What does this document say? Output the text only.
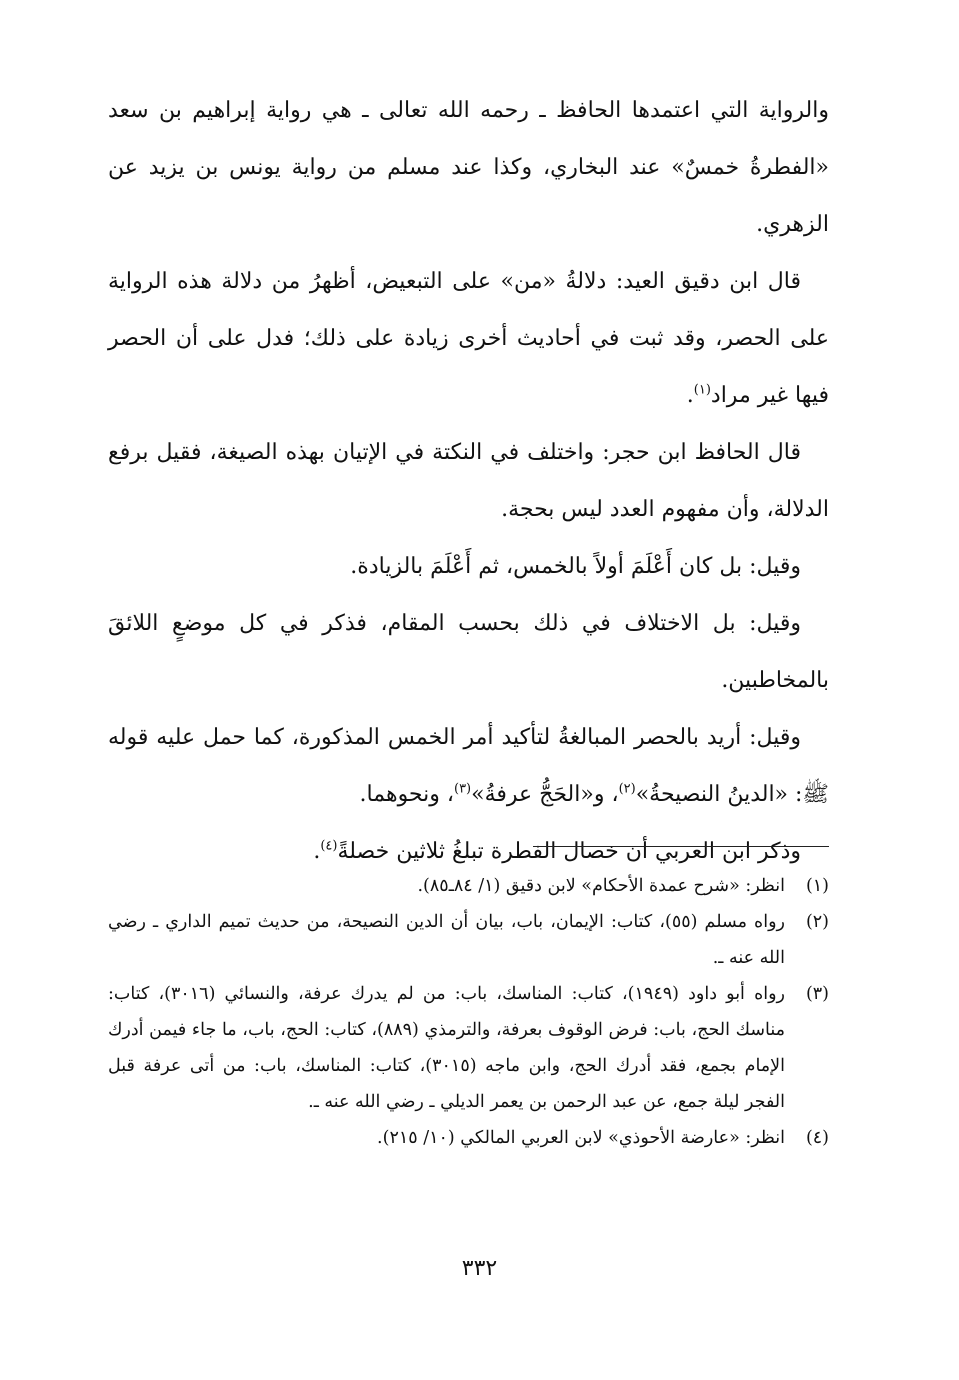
والرواية التي اعتمدها الحافظ ـ رحمه الله تعالى ـ هي رواية إبراهيم بن سعد «الفطرةُ خمسٌ» عند البخاري، وكذا عند مسلم من رواية يونس بن يزيد عن الزهري.

قال ابن دقيق العيد: دلالةُ «من» على التبعيض، أظهرُ من دلالة هذه الرواية على الحصر، وقد ثبت في أحاديث أخرى زيادة على ذلك؛ فدل على أن الحصر فيها غير مراد$^{(١)}$.

قال الحافظ ابن حجر: واختلف في النكتة في الإتيان بهذه الصيغة، فقيل برفع الدلالة، وأن مفهوم العدد ليس بحجة.

وقيل: بل كان أَعْلَمَ أولاً بالخمس، ثم أَعْلَمَ بالزيادة.

وقيل: بل الاختلاف في ذلك بحسب المقام، فذكر في كل موضعٍ اللائقَ بالمخاطبين.

وقيل: أريد بالحصر المبالغةُ لتأكيد أمر الخمس المذكورة، كما حمل عليه قوله ﷺ: «الدينُ النصيحةُ»$^{(٢)}$، و«الحَجُّ عرفةُ»$^{(٣)}$، ونحوهما.

وذكر ابن العربي أن خصال الفطرة تبلغُ ثلاثين خصلةً$^{(٤)}$.

(١)
انظر: «شرح عمدة الأحكام» لابن دقيق (١/ ٨٤ـ٨٥).
(٢)
رواه مسلم (٥٥)، كتاب: الإيمان، باب، بيان أن الدين النصيحة، من حديث تميم الداري ـ رضي الله عنه ـ.
(٣)
رواه أبو داود (١٩٤٩)، كتاب: المناسك، باب: من لم يدرك عرفة، والنسائي (٣٠١٦)، كتاب: مناسك الحج، باب: فرض الوقوف بعرفة، والترمذي (٨٨٩)، كتاب: الحج، باب، ما جاء فيمن أدرك الإمام بجمع، فقد أدرك الحج، وابن ماجه (٣٠١٥)، كتاب: المناسك، باب: من أتى عرفة قبل الفجر ليلة جمع، عن عبد الرحمن بن يعمر الديلي ـ رضي الله عنه ـ.
(٤)
انظر: «عارضة الأحوذي» لابن العربي المالكي (١٠/ ٢١٥).
٣٣٢
